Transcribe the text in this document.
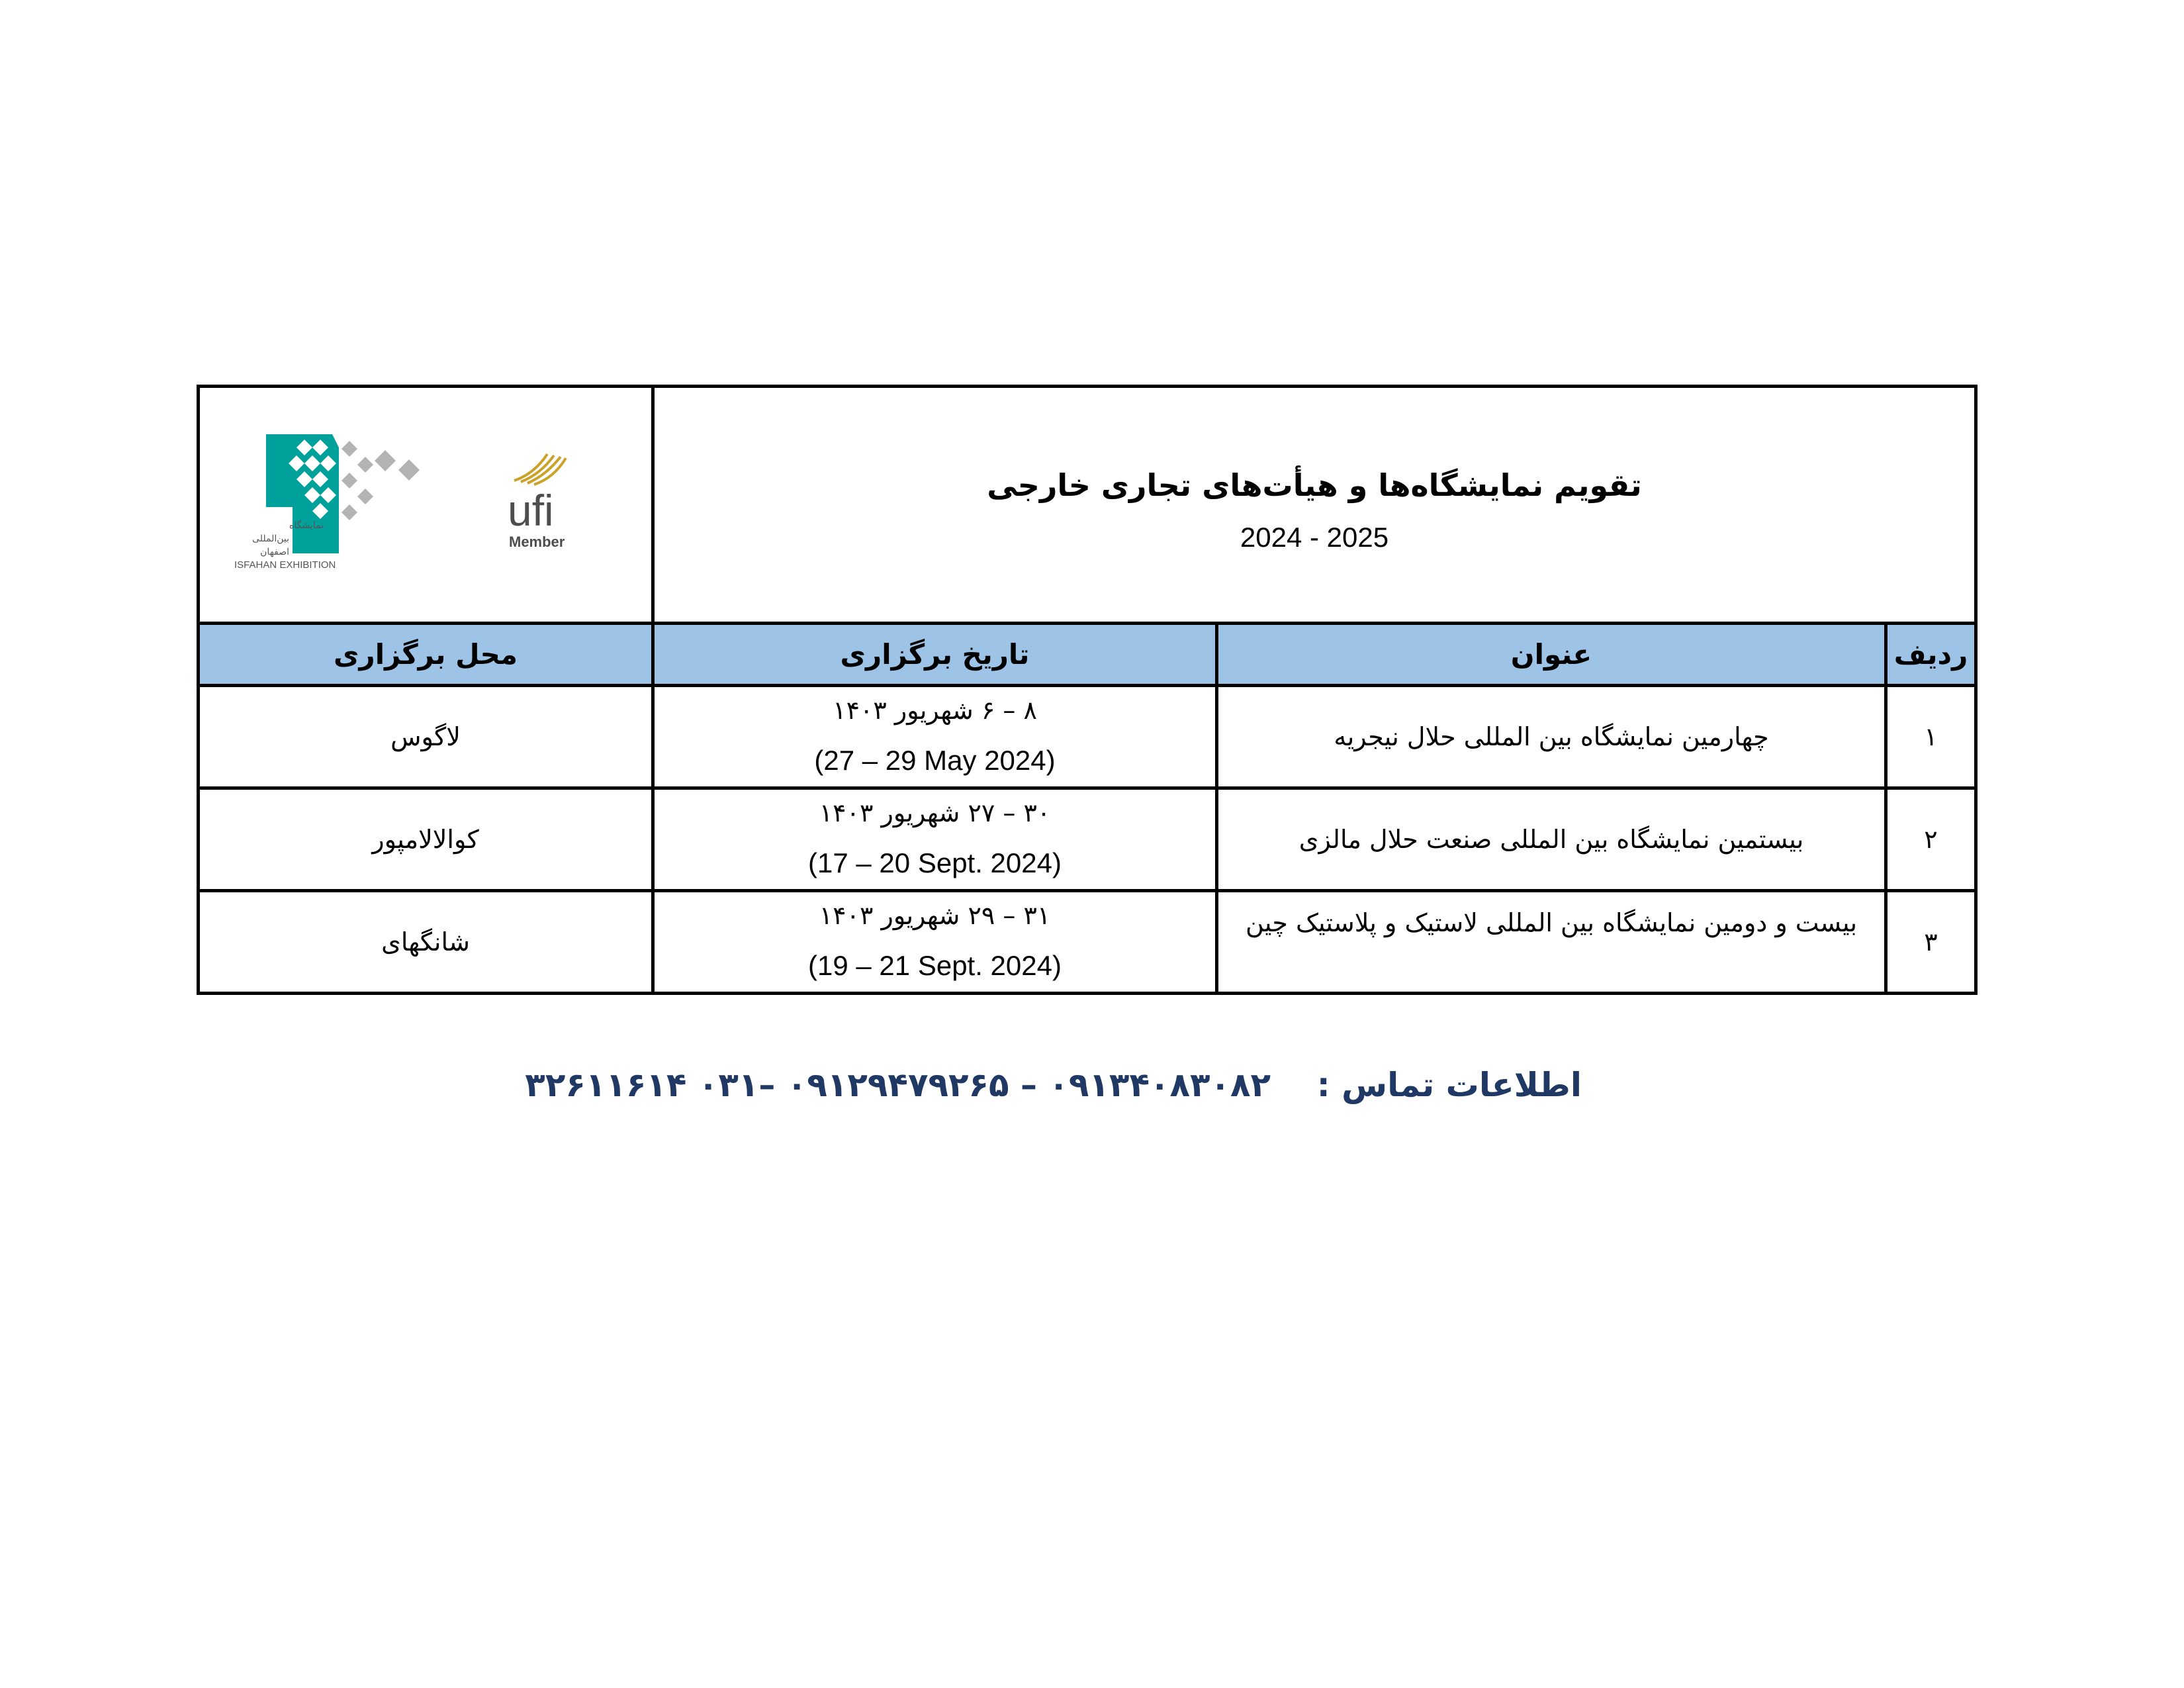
نمایشگاه
بین‌المللی
اصفهان
ISFAHAN EXHIBITION
ufi
Member
تقویم نمایشگاه‌ها و هیأت‌های تجاری خارجی
2024 - 2025
ردیف
عنوان
تاریخ برگزاری
محل برگزاری
۱
چهارمین نمایشگاه بین المللی حلال نیجریه
۸ – ۶ شهریور ۱۴۰۳
(27 – 29 May 2024)
لاگوس
۲
بیستمین نمایشگاه بین المللی صنعت حلال مالزی
۳۰ – ۲۷ شهریور ۱۴۰۳
(17 – 20 Sept. 2024)
کوالالامپور
۳
بیست و دومین نمایشگاه بین المللی لاستیک و پلاستیک چین
۳۱ – ۲۹ شهریور ۱۴۰۳
(19 – 21 Sept. 2024)
شانگهای
اطلاعات تماس :    ۰۹۱۳۴۰۸۳۰۸۲ – ۰۹۱۲۹۴۷۹۲۶۵ –۰۳۱ ۳۲۶۱۱۶۱۴
